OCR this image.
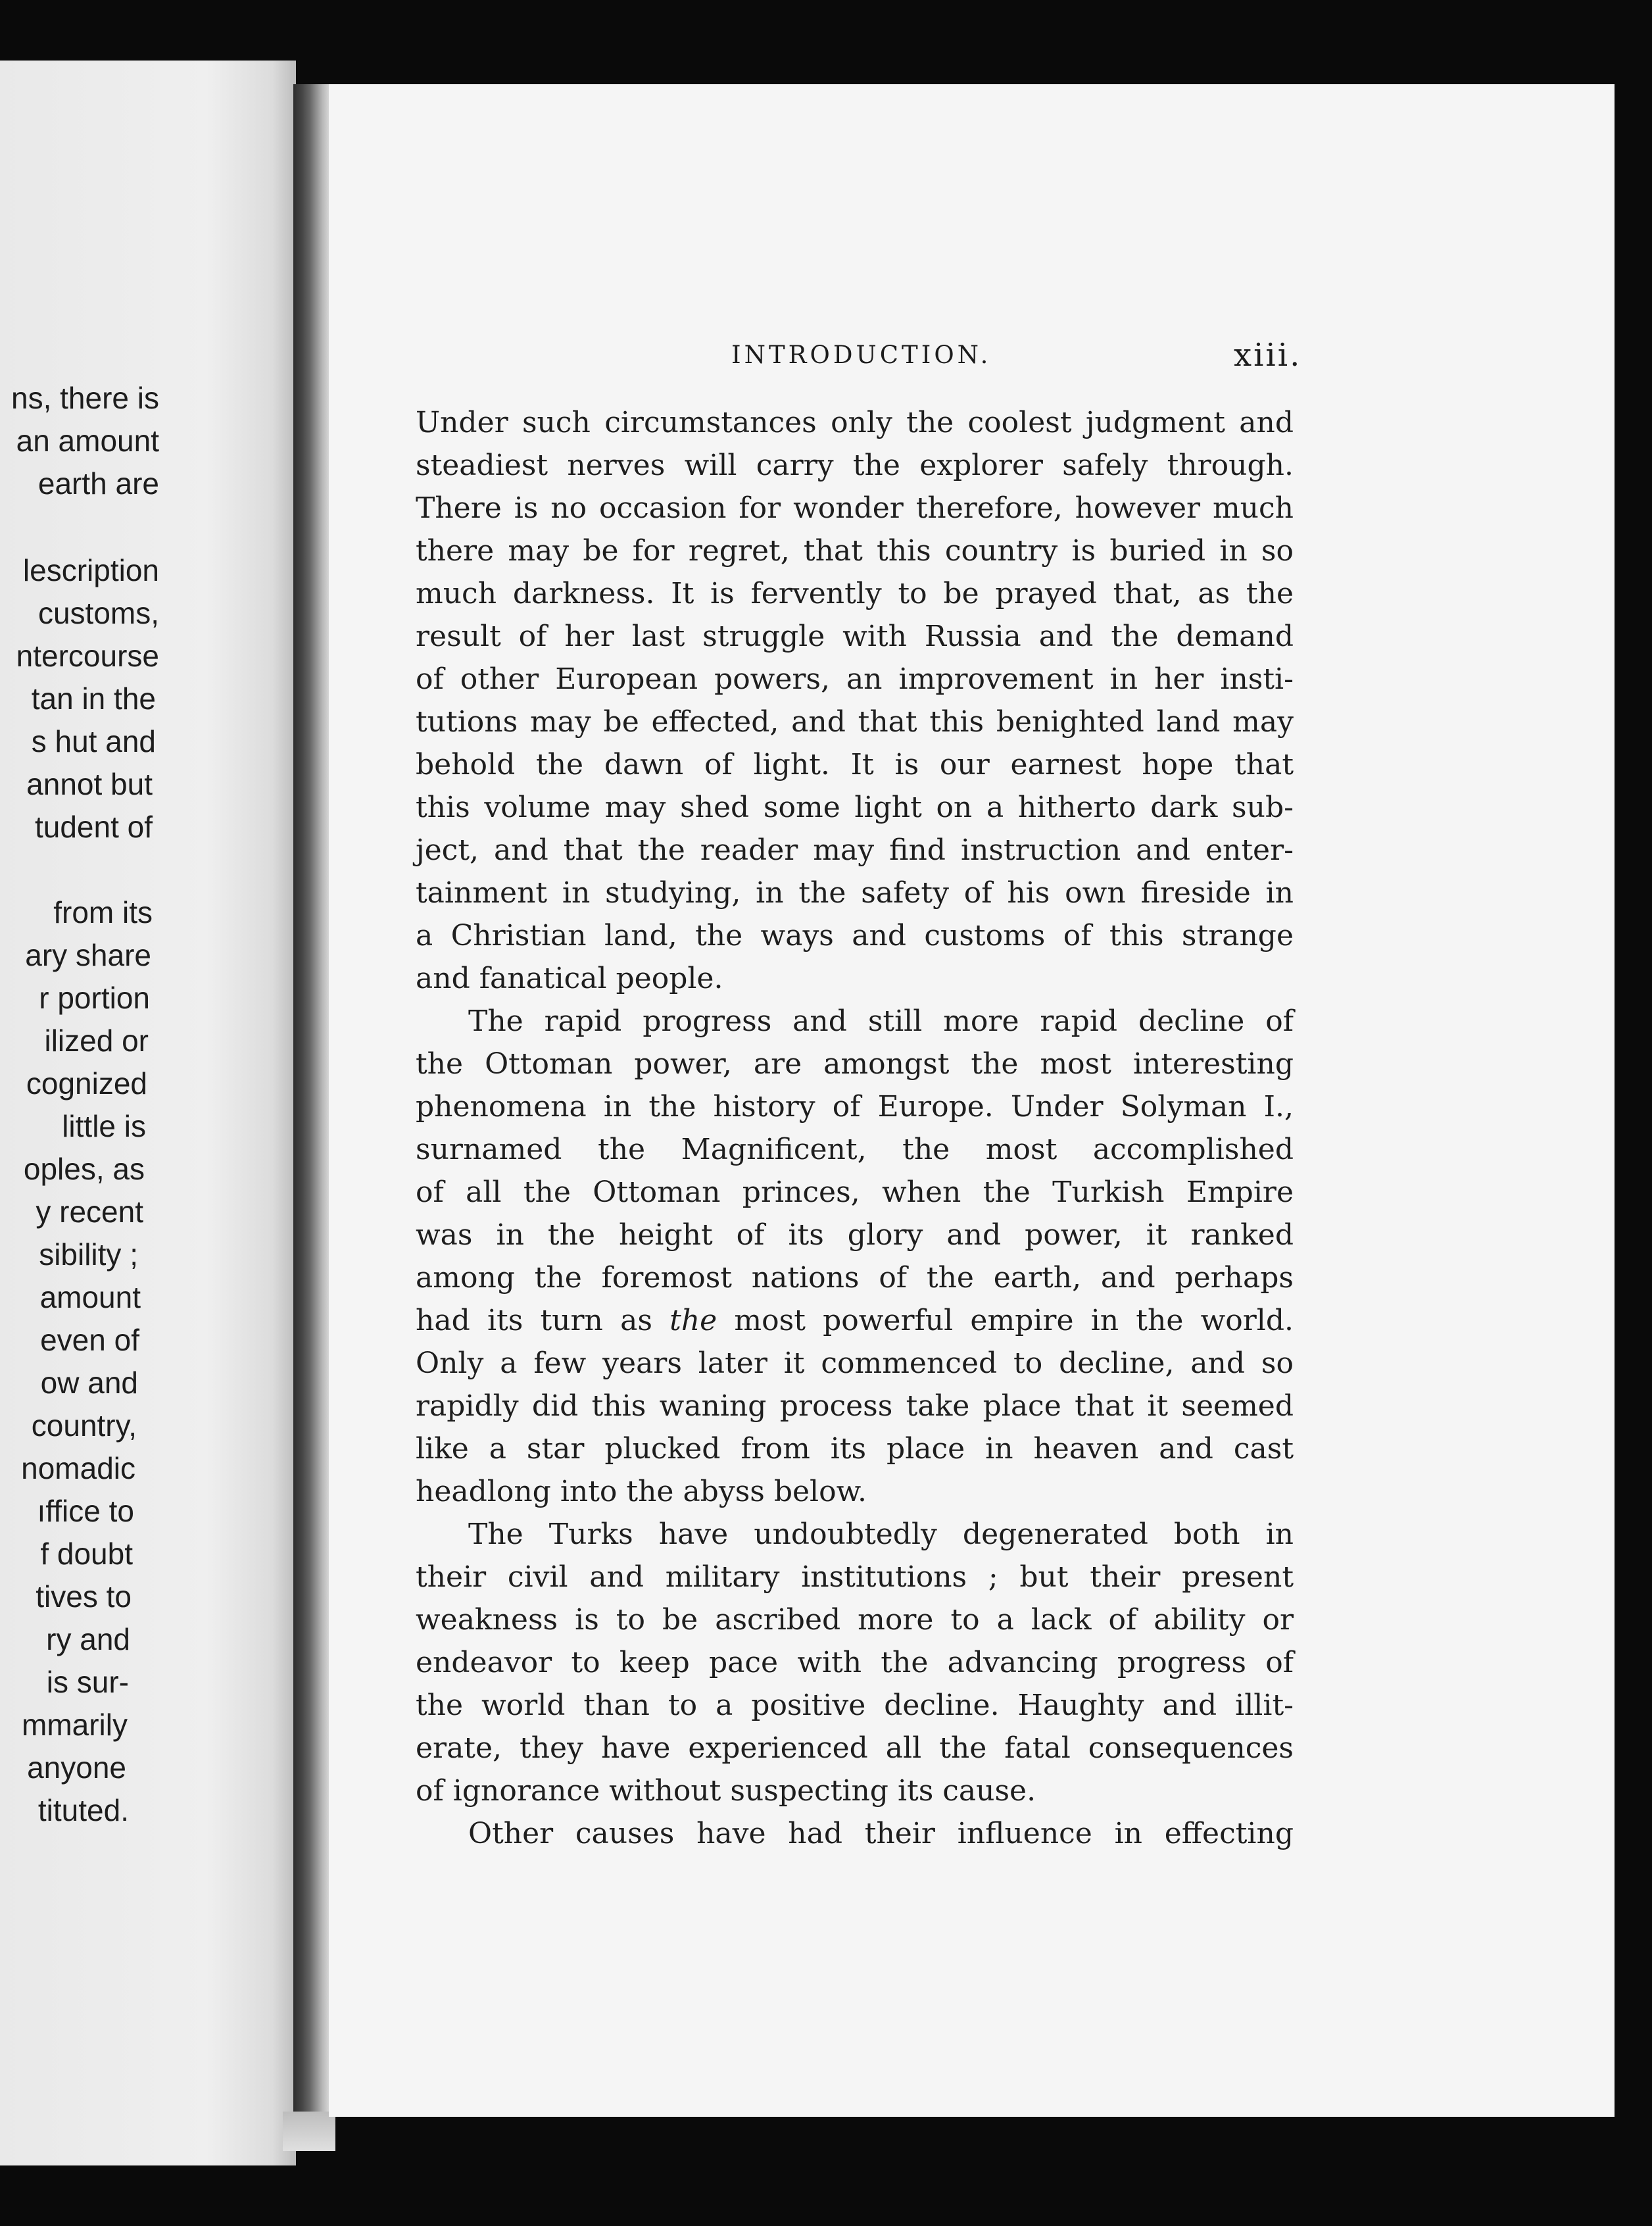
ns, there is
an amount
earth are
lescription
customs,
ntercourse
tan in the
s hut and
annot but
tudent of
from its
ary share
r portion
ilized or
cognized
little is
oples, as
y recent
sibility ;
amount
even of
ow and
country,
nomadic
ıffice to
f doubt
tives to
ry and
is sur-
mmarily
anyone
tituted.
INTRODUCTION.	xiii.
Under such circumstances only the coolest judgment and
steadiest nerves will carry the explorer safely through.
There is no occasion for wonder therefore, however much
there may be for regret, that this country is buried in so
much darkness. It is fervently to be prayed that, as the
result of her last struggle with Russia and the demand
of other European powers, an improvement in her insti-
tutions may be effected, and that this benighted land may
behold the dawn of light. It is our earnest hope that
this volume may shed some light on a hitherto dark sub-
ject, and that the reader may find instruction and enter-
tainment in studying, in the safety of his own fireside in
a Christian land, the ways and customs of this strange
and fanatical people.
The rapid progress and still more rapid decline of
the Ottoman power, are amongst the most interesting
phenomena in the history of Europe. Under Solyman I.,
surnamed the Magnificent, the most accomplished
of all the Ottoman princes, when the Turkish Empire
was in the height of its glory and power, it ranked
among the foremost nations of the earth, and perhaps
had its turn as the most powerful empire in the world.
Only a few years later it commenced to decline, and so
rapidly did this waning process take place that it seemed
like a star plucked from its place in heaven and cast
headlong into the abyss below.
The Turks have undoubtedly degenerated both in
their civil and military institutions ; but their present
weakness is to be ascribed more to a lack of ability or
endeavor to keep pace with the advancing progress of
the world than to a positive decline. Haughty and illit-
erate, they have experienced all the fatal consequences
of ignorance without suspecting its cause.
Other causes have had their influence in effecting
